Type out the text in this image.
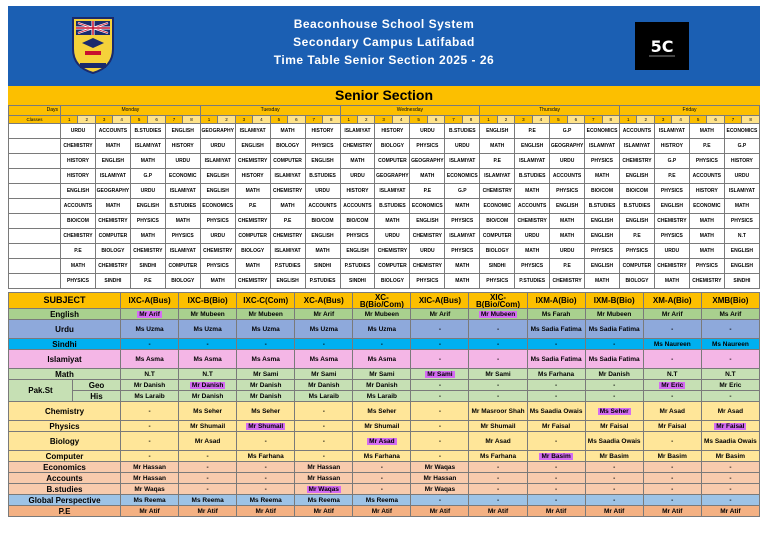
Beaconhouse School System
Secondary Campus Latifabad
Time Table Senior Section 2025 - 26
5C
Senior Section
Days	Monday								Tuesday								Wednesday								Thursday								Friday							
Classes	1	2	3	4	5	6	7	8	1	2	3	4	5	6	7	8	1	2	3	4	5	6	7	8	1	2	3	4	5	6	7	8	1	2	3	4	5	6	7	8
IXC-A CT: MR ARIF	URDU		ACCOUNTS		B.STUDIES		ENGLISH		GEOGRAPHY		ISLAMIYAT		MATH		HISTORY		ISLAMIYAT		HISTORY		URDU		B.STUDIES		ENGLISH		P.E		G.P		ECONOMICS		ACCOUNTS		ISLAMIYAT		MATH		ECONOMICS	
IXC-B CT: MR DANISH	CHEMISTRY		MATH		ISLAMIYAT		HISTORY		URDU		ENGLISH		BIOLOGY		PHYSICS		CHEMISTRY		BIOLOGY		PHYSICS		URDU		MATH		ENGLISH		GEOGRAPHY		ISLAMIYAT		ISLAMIYAT		HISTROY		P.E		G.P	
IXC-C CT: MR N.T(PHY)	HISTORY		ENGLISH		MATH		URDU		ISLAMIYAT		CHEMISTRY		COMPUTER		ENGLISH		MATH		COMPUTER		GEOGRAPHY		ISLAMIYAT		P.E		ISLAMIYAT		URDU		PHYSICS		CHEMISTRY		G.P		PHYSICS		HISTORY	
XC-A CT: MR WAQAS	HISTORY		ISLAMIYAT		G.P		ECONOMIC		ENGLISH		HISTORY		ISLAMIYAT		B.STUDIES		URDU		GEOGRAPHY		MATH		ECONOMICS		ISLAMIYAT		B.STUDIES		ACCOUNTS		MATH		ENGLISH		P.E		ACCOUNTS		URDU	
XC-B CT: MR ASAD	ENGLISH		GEOGRAPHY		URDU		ISLAMIYAT		ENGLISH		MATH		CHEMISTRY		URDU		HISTORY		ISLAMIYAT		P.E		G.P		CHEMISTRY		MATH		PHYSICS		BIO/COM		BIO/COM		PHYSICS		HISTORY		ISLAMIYAT	
XIC-A CT: MR ABDUL SAMI	ACCOUNTS		MATH		ENGLISH		B.STUDIES		ECONOMICS		P.E		MATH		ACCOUNTS		ACCOUNTS		B.STUDIES		ECONOMICS		MATH		ECONOMIC		ACCOUNTS		ENGLISH		B.STUDIES		B.STUDIES		ENGLISH		ECONOMIC		MATH	
XIC-B CT: N.T (ENG)	BIO/COM		CHEMISTRY		PHYSICS		MATH		PHYSICS		CHEMISTRY		P.E		BIO/COM		BIO/COM		MATH		ENGLISH		PHYSICS		BIO/COM		CHEMISTRY		MATH		ENGLISH		ENGLISH		CHEMISTRY		MATH		PHYSICS	
IXM-A CT: MR BASIM	CHEMISTRY		COMPUTER		MATH		PHYSICS		URDU		COMPUTER		CHEMISTRY		ENGLISH		PHYSICS		URDU		CHEMISTRY		ISLAMIYAT		COMPUTER		URDU		MATH		ENGLISH		P.E		PHYSICS		MATH		N.T	
IXM-B CT: MS SEHAR	P.E		BIOLOGY		CHEMISTRY		ISLAMIYAT		CHEMISTRY		BIOLOGY		ISLAMIYAT		MATH		ENGLISH		CHEMISTRY		URDU		PHYSICS		BIOLOGY		MATH		URDU		PHYSICS		PHYSICS		URDU		MATH		ENGLISH	
XM-A CT: MR ERIC	MATH		CHEMISTRY		SINDHI		COMPUTER		PHYSICS		MATH		P.STUDIES		SINDHI		P.STUDIES		COMPUTER		CHEMISTRY		MATH		SINDHI		PHYSICS		P.E		ENGLISH		COMPUTER		CHEMISTRY		PHYSICS		ENGLISH	
XM-B CT: MR FAISAL	PHYSICS		SINDHI		P.E		BIOLOGY		MATH		CHEMISTRY		ENGLISH		P.STUDIES		SINDHI		BIOLOGY		PHYSICS		MATH		PHYSICS		P.STUDIES		CHEMISTRY		MATH		BIOLOGY		MATH		CHEMISTRY		SINDHI	
SUBJECT		IXC-A(Bus)	IXC-B(Bio)	IXC-C(Com)	XC-A(Bus)	XC-B(Bio/Com)	XIC-A(Bus)	XIC-B(Bio/Com)	IXM-A(Bio)	IXM-B(Bio)	XM-A(Bio)	XMB(Bio)
English		Mr Arif	Mr Mubeen	Mr Mubeen	Mr Arif	Mr Mubeen	Mr Arif	Mr Mubeen	Ms Farah	Mr Mubeen	Mr Arif	Ms Arif
Urdu		Ms Uzma	Ms Uzma	Ms Uzma	Ms Uzma	Ms Uzma	-	-	Ms Sadia Fatima	Ms Sadia Fatima	-	-
Sindhi		-	-	-	-	-	-	-	-	-	Ms Naureen	Ms Naureen
Islamiyat		Ms Asma	Ms Asma	Ms Asma	Ms Asma	Ms Asma	-	-	Ms Sadia Fatima	Ms Sadia Fatima	-	-
Math		N.T	N.T	Mr Sami	Mr Sami	Mr Sami	Mr Sami	Mr Sami	Ms Farhana	Mr Danish	N.T	N.T
Pak.St	Geo	Mr Danish	Mr Danish	Mr Danish	Mr Danish	Mr Danish	-	-	-	-	Mr Eric	Mr Eric
	His	Ms Laraib	Mr Danish	Mr Danish	Ms Laraib	Ms Laraib	-	-	-	-	-	-
Chemistry		-	Ms Seher	Ms Seher	-	Ms Seher	-	Mr Masroor Shah	Ms Saadia Owais	Ms Seher	Mr Asad	Mr Asad
Physics		-	Mr Shumail	Mr Shumail	-	Mr Shumail	-	Mr Shumail	Mr Faisal	Mr Faisal	Mr Faisal	Mr Faisal
Biology		-	Mr Asad	-	-	Mr Asad	-	Mr Asad	-	Ms Saadia Owais	-	Ms Saadia Owais
Computer		-	-	Ms Farhana	-	Ms Farhana	-	Ms Farhana	Mr Basim	Mr Basim	Mr Basim	Mr Basim
Economics		Mr Hassan	-	-	Mr Hassan	-	Mr Waqas	-	-	-	-	-
Accounts		Mr Hassan	-	-	Mr Hassan	-	Mr Hassan	-	-	-	-	-
B.studies		Mr Waqas	-	-	Mr Waqas	-	Mr Waqas	-	-	-	-	-
Global Perspective		Ms Reema	Ms Reema	Ms Reema	Ms Reema	Ms Reema	-	-	-	-	-	-
P.E		Mr Atif	Mr Atif	Mr Atif	Mr Atif	Mr Atif	Mr Atif	Mr Atif	Mr Atif	Mr Atif	Mr Atif	Mr Atif
